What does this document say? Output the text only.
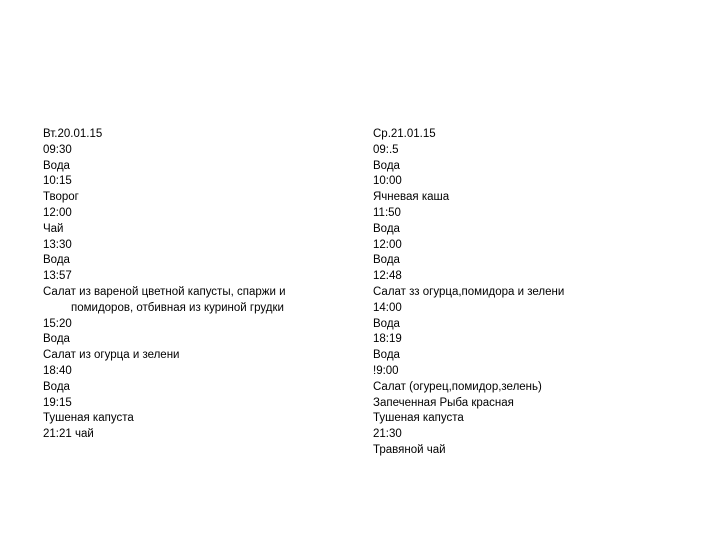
Вт.20.01.15
09:30
Вода
10:15
Творог
12:00
Чай
13:30
Вода
13:57
Салат из вареной цветной капусты, спаржи и помидоров, отбивная из куриной грудки
15:20
Вода
Салат из огурца и зелени
18:40
Вода
19:15
Тушеная капуста
21:21 чай
Ср.21.01.15
09:.5
Вода
10:00
Ячневая каша
11:50
Вода
12:00
Вода
12:48
Салат зз огурца,помидора и зелени
14:00
Вода
18:19
Вода
!9:00
Салат (огурец,помидор,зелень)
Запеченная Рыба красная
Тушеная капуста
21:30
Травяной чай
